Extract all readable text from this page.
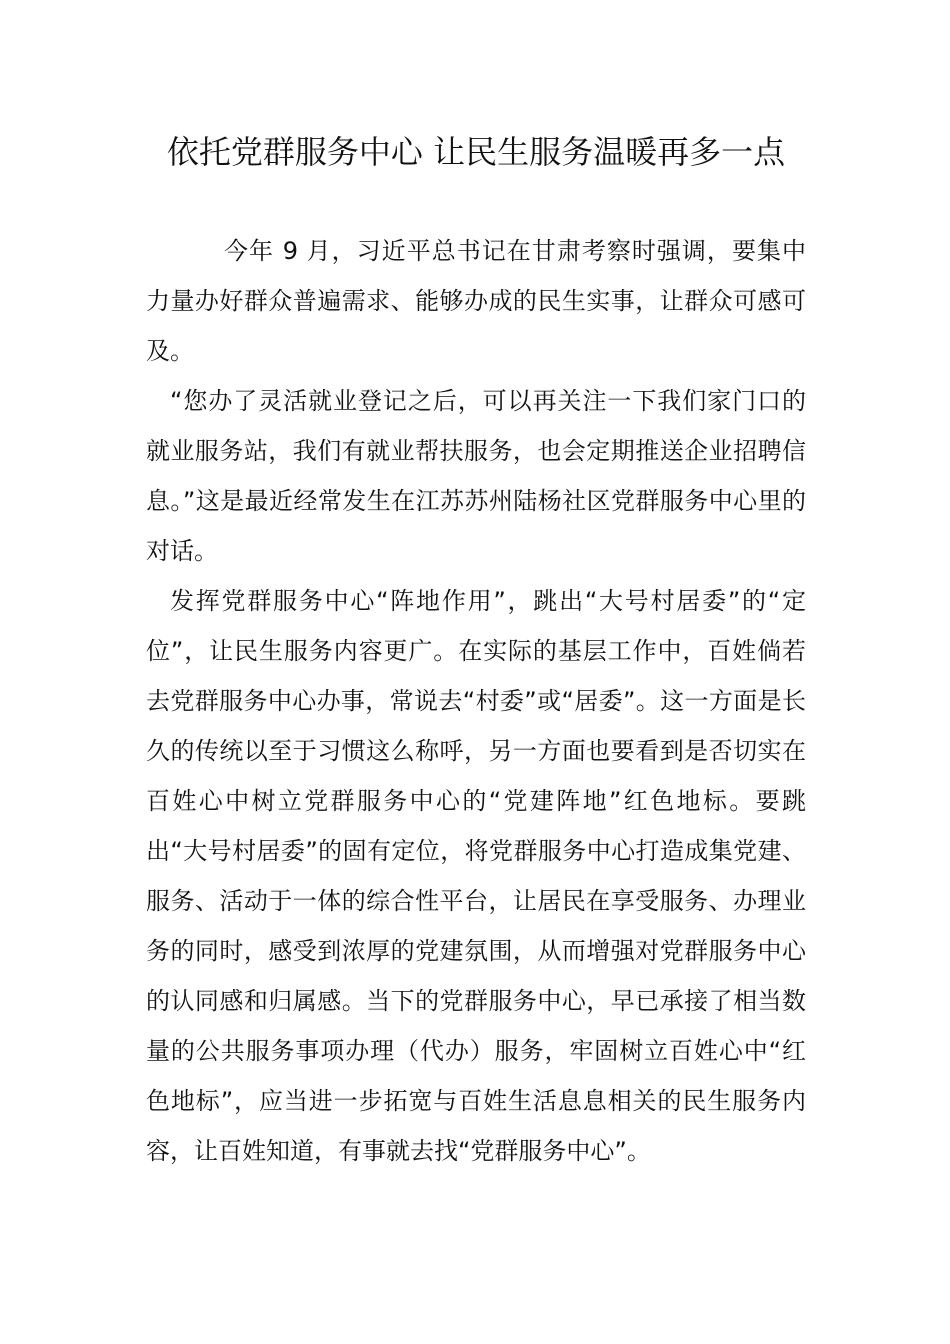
依托党群服务中心 让民生服务温暖再多一点

今年 9 月，习近平总书记在甘肃考察时强调，要集中力量办好群众普遍需求、能够办成的民生实事，让群众可感可及。

“您办了灵活就业登记之后，可以再关注一下我们家门口的就业服务站，我们有就业帮扶服务，也会定期推送企业招聘信息。”这是最近经常发生在江苏苏州陆杨社区党群服务中心里的对话。

发挥党群服务中心“阵地作用”，跳出“大号村居委”的“定位”，让民生服务内容更广。在实际的基层工作中，百姓倘若去党群服务中心办事，常说去“村委”或“居委”。这一方面是长久的传统以至于习惯这么称呼，另一方面也要看到是否切实在百姓心中树立党群服务中心的“党建阵地”红色地标。要跳出“大号村居委”的固有定位，将党群服务中心打造成集党建、服务、活动于一体的综合性平台，让居民在享受服务、办理业务的同时，感受到浓厚的党建氛围，从而增强对党群服务中心的认同感和归属感。当下的党群服务中心，早已承接了相当数量的公共服务事项办理（代办）服务，牢固树立百姓心中“红色地标”，应当进一步拓宽与百姓生活息息相关的民生服务内容，让百姓知道，有事就去找“党群服务中心”。
